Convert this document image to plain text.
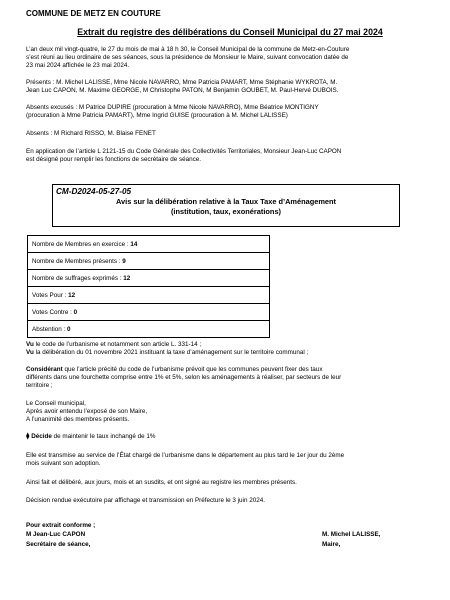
COMMUNE DE METZ EN COUTURE
Extrait du registre des délibérations du Conseil Municipal du 27 mai 2024
L’an deux mil vingt-quatre, le 27 du mois de mai à 18 h 30, le Conseil Municipal de la commune de Metz-en-Couture
s’est réuni au lieu ordinaire de ses séances, sous la présidence de Monsieur le Maire, suivant convocation datée de
23 mai 2024 affichée le 23 mai 2024.
Présents : M. Michel LALISSE, Mme Nicole NAVARRO, Mme Patricia PAMART, Mme Stéphanie WYKROTA, M.
Jean Luc CAPON, M. Maxime GEORGE, M Christophe PATON, M Benjamin GOUBET, M. Paul-Hervé DUBOIS.
Absents excusés : M Patrice DUPIRE (procuration à Mme Nicole NAVARRO), Mme Béatrice MONTIGNY
(procuration à Mme Patricia PAMART), Mme Ingrid GUISE (procuration à M. Michel LALISSE)
Absents : M Richard RISSO, M. Blaise FENET
En application de l’article L 2121-15 du Code Générale des Collectivités Territoriales, Monsieur Jean-Luc CAPON
est désigné pour remplir les fonctions de secrétaire de séance.
CM-D2024-05-27-05
Avis sur la délibération relative à la Taux Taxe d’Aménagement
(institution, taux, exonérations)
Nombre de Membres en exercice : 14
Nombre de Membres présents : 9
Nombre de suffrages exprimés : 12
Votes Pour : 12
Votes Contre : 0
Abstention : 0
Vu le code de l’urbanisme et notamment son article L. 331-14 ;
Vu la délibération du 01 novembre 2021 instituant la taxe d’aménagement sur le territoire communal ;
Considérant que l’article précité du code de l’urbanisme prévoit que les communes peuvent fixer des taux
différents dans une fourchette comprise entre 1% et 5%, selon les aménagements à réaliser, par secteurs de leur
territoire ;
Le Conseil municipal,
Après avoir entendu l’exposé de son Maire,
A l’unanimité des membres présents.
⧫ Décide de maintenir le taux inchangé de 1%
Elle est transmise au service de l’État chargé de l’urbanisme dans le département au plus tard le 1er jour du 2ème
mois suivant son adoption.
Ainsi fait et délibéré, aux jours, mois et an susdits, et ont signé au registre les membres présents.
Décision rendue exécutoire par affichage et transmission en Préfecture le 3 juin 2024.
Pour extrait conforme ;
M Jean-Luc CAPON
Secrétaire de séance,
M. Michel LALISSE,
Maire,
